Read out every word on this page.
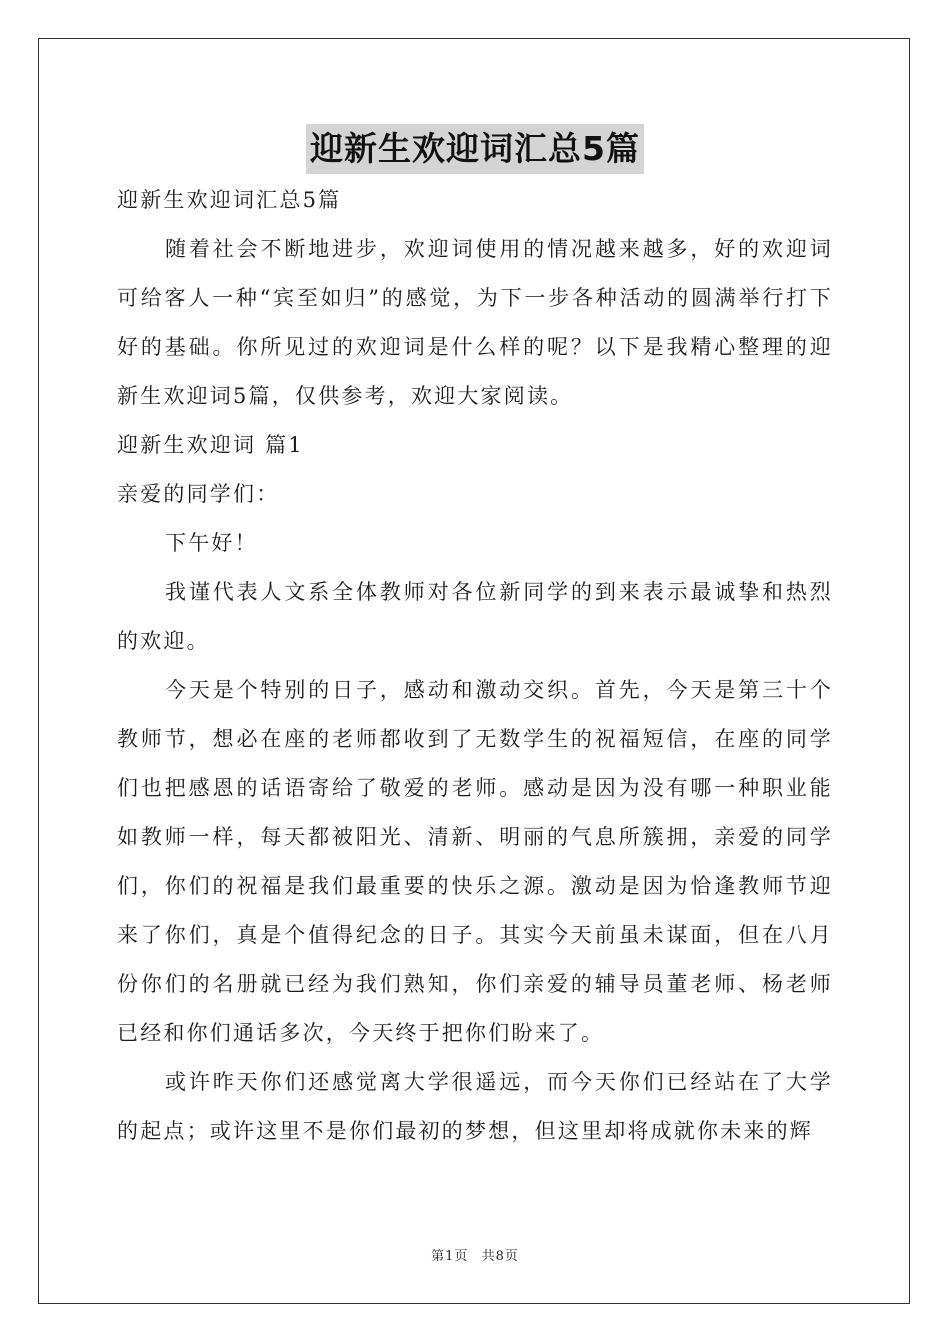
迎新生欢迎词汇总5篇

迎新生欢迎词汇总5篇

随着社会不断地进步，欢迎词使用的情况越来越多，好的欢迎词可给客人一种“宾至如归”的感觉，为下一步各种活动的圆满举行打下好的基础。你所见过的欢迎词是什么样的呢？以下是我精心整理的迎新生欢迎词5篇，仅供参考，欢迎大家阅读。

迎新生欢迎词 篇1

亲爱的同学们：

下午好！

我谨代表人文系全体教师对各位新同学的到来表示最诚挚和热烈的欢迎。

今天是个特别的日子，感动和激动交织。首先，今天是第三十个教师节，想必在座的老师都收到了无数学生的祝福短信，在座的同学们也把感恩的话语寄给了敬爱的老师。感动是因为没有哪一种职业能如教师一样，每天都被阳光、清新、明丽的气息所簇拥，亲爱的同学们，你们的祝福是我们最重要的快乐之源。激动是因为恰逢教师节迎来了你们，真是个值得纪念的日子。其实今天前虽未谋面，但在八月份你们的名册就已经为我们熟知，你们亲爱的辅导员董老师、杨老师已经和你们通话多次，今天终于把你们盼来了。

或许昨天你们还感觉离大学很遥远，而今天你们已经站在了大学的起点；或许这里不是你们最初的梦想，但这里却将成就你未来的辉

第1页 共8页
